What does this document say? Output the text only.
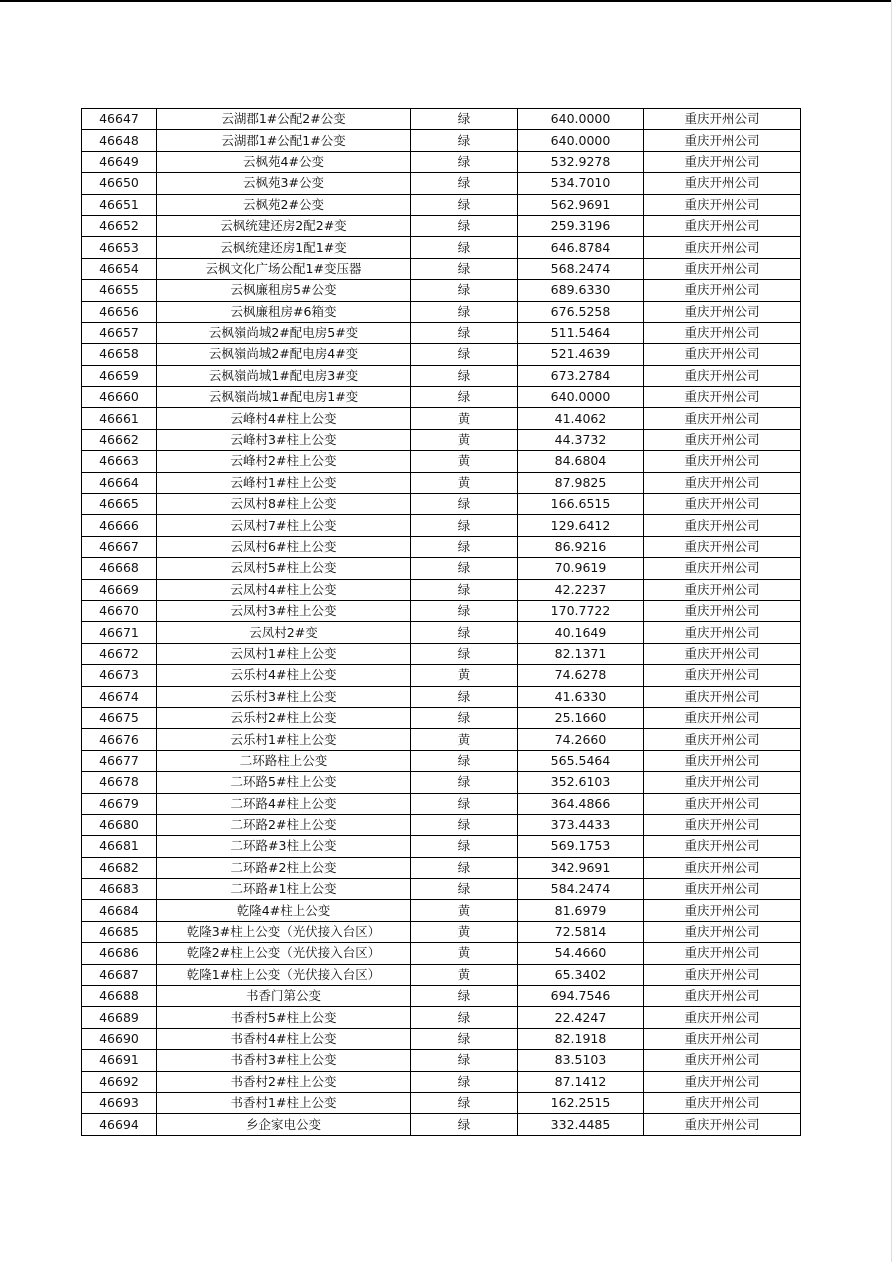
46647	云湖郡1#公配2#公变	绿	640.0000	重庆开州公司
46648	云湖郡1#公配1#公变	绿	640.0000	重庆开州公司
46649	云枫苑4#公变	绿	532.9278	重庆开州公司
46650	云枫苑3#公变	绿	534.7010	重庆开州公司
46651	云枫苑2#公变	绿	562.9691	重庆开州公司
46652	云枫统建还房2配2#变	绿	259.3196	重庆开州公司
46653	云枫统建还房1配1#变	绿	646.8784	重庆开州公司
46654	云枫文化广场公配1#变压器	绿	568.2474	重庆开州公司
46655	云枫廉租房5#公变	绿	689.6330	重庆开州公司
46656	云枫廉租房#6箱变	绿	676.5258	重庆开州公司
46657	云枫嶺尚城2#配电房5#变	绿	511.5464	重庆开州公司
46658	云枫嶺尚城2#配电房4#变	绿	521.4639	重庆开州公司
46659	云枫嶺尚城1#配电房3#变	绿	673.2784	重庆开州公司
46660	云枫嶺尚城1#配电房1#变	绿	640.0000	重庆开州公司
46661	云峰村4#柱上公变	黄	41.4062	重庆开州公司
46662	云峰村3#柱上公变	黄	44.3732	重庆开州公司
46663	云峰村2#柱上公变	黄	84.6804	重庆开州公司
46664	云峰村1#柱上公变	黄	87.9825	重庆开州公司
46665	云凤村8#柱上公变	绿	166.6515	重庆开州公司
46666	云凤村7#柱上公变	绿	129.6412	重庆开州公司
46667	云凤村6#柱上公变	绿	86.9216	重庆开州公司
46668	云凤村5#柱上公变	绿	70.9619	重庆开州公司
46669	云凤村4#柱上公变	绿	42.2237	重庆开州公司
46670	云凤村3#柱上公变	绿	170.7722	重庆开州公司
46671	云凤村2#变	绿	40.1649	重庆开州公司
46672	云凤村1#柱上公变	绿	82.1371	重庆开州公司
46673	云乐村4#柱上公变	黄	74.6278	重庆开州公司
46674	云乐村3#柱上公变	绿	41.6330	重庆开州公司
46675	云乐村2#柱上公变	绿	25.1660	重庆开州公司
46676	云乐村1#柱上公变	黄	74.2660	重庆开州公司
46677	二环路柱上公变	绿	565.5464	重庆开州公司
46678	二环路5#柱上公变	绿	352.6103	重庆开州公司
46679	二环路4#柱上公变	绿	364.4866	重庆开州公司
46680	二环路2#柱上公变	绿	373.4433	重庆开州公司
46681	二环路#3柱上公变	绿	569.1753	重庆开州公司
46682	二环路#2柱上公变	绿	342.9691	重庆开州公司
46683	二环路#1柱上公变	绿	584.2474	重庆开州公司
46684	乾隆4#柱上公变	黄	81.6979	重庆开州公司
46685	乾隆3#柱上公变（光伏接入台区）	黄	72.5814	重庆开州公司
46686	乾隆2#柱上公变（光伏接入台区）	黄	54.4660	重庆开州公司
46687	乾隆1#柱上公变（光伏接入台区）	黄	65.3402	重庆开州公司
46688	书香门第公变	绿	694.7546	重庆开州公司
46689	书香村5#柱上公变	绿	22.4247	重庆开州公司
46690	书香村4#柱上公变	绿	82.1918	重庆开州公司
46691	书香村3#柱上公变	绿	83.5103	重庆开州公司
46692	书香村2#柱上公变	绿	87.1412	重庆开州公司
46693	书香村1#柱上公变	绿	162.2515	重庆开州公司
46694	乡企家电公变	绿	332.4485	重庆开州公司
